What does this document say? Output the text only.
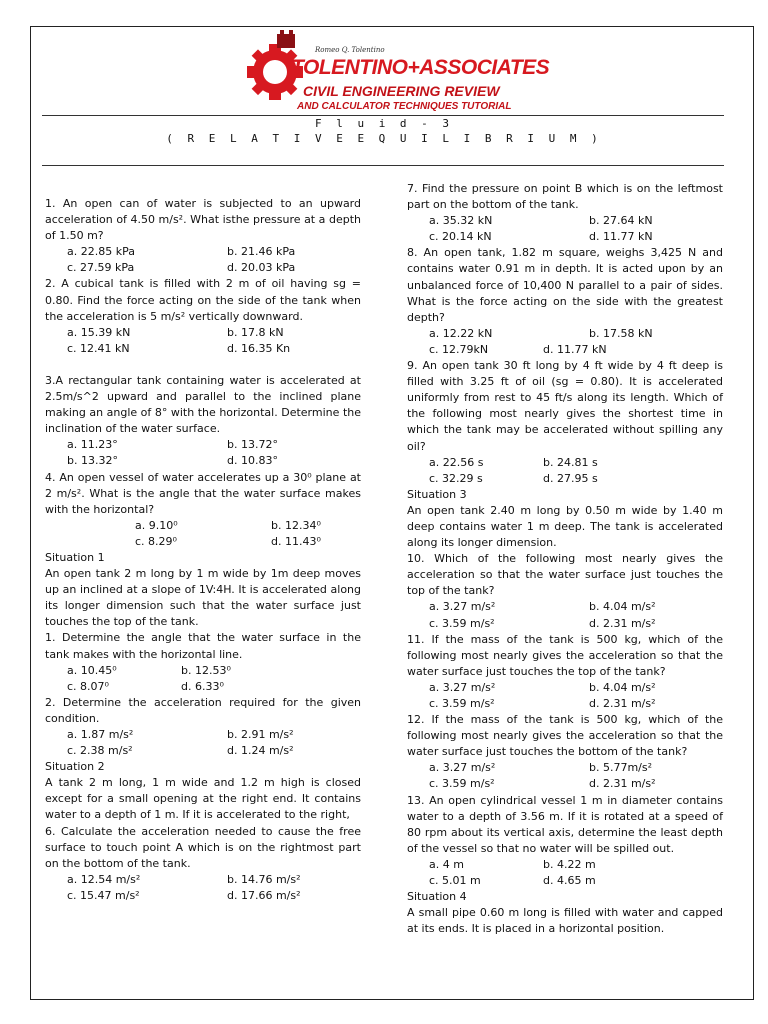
Romeo Q. Tolentino
TOLENTINO+ASSOCIATES
CIVIL ENGINEERING REVIEW
AND CALCULATOR TECHNIQUES TUTORIAL
F l u i d - 3
( R E L A T I V E E Q U I L I B R I U M )

1. An open can of water is subjected to an upward acceleration of 4.50 m/s². What isthe pressure at a depth of 1.50 m?

a. 22.85 kPa	b. 21.46 kPa
c. 27.59 kPa	d. 20.03 kPa

2. A cubical tank is filled with 2 m of oil having sg = 0.80. Find the force acting on the side of the tank when the acceleration is 5 m/s² vertically downward.

a. 15.39 kN	b. 17.8 kN
c. 12.41 kN	d. 16.35 Kn

3.A rectangular tank containing water is accelerated at 2.5m/s^2 upward and parallel to the inclined plane making an angle of 8° with the horizontal. Determine the inclination of the water surface.

a. 11.23°	b. 13.72°
b. 13.32°	d. 10.83°

4. An open vessel of water accelerates up a 30⁰ plane at 2 m/s². What is the angle that the water surface makes with the horizontal?

a. 9.10⁰	b. 12.34⁰
c. 8.29⁰	d. 11.43⁰

Situation 1

An open tank 2 m long by 1 m wide by 1m deep moves up an inclined at a slope of 1V:4H. It is accelerated along its longer dimension such that the water surface just touches the top of the tank.

1. Determine the angle that the water surface in the tank makes with the horizontal line.

a. 10.45⁰	b. 12.53⁰
c. 8.07⁰	d. 6.33⁰

2. Determine the acceleration required for the given condition.

a. 1.87 m/s²	b. 2.91 m/s²
c. 2.38 m/s²	d. 1.24 m/s²

Situation 2

A tank 2 m long, 1 m wide and 1.2 m high is closed except for a small opening at the right end. It contains water to a depth of 1 m. If it is accelerated to the right,

6. Calculate the acceleration needed to cause the free surface to touch point A which is on the rightmost part on the bottom of the tank.

a. 12.54 m/s²	b. 14.76 m/s²
c. 15.47 m/s²	d. 17.66 m/s²

7. Find the pressure on point B which is on the leftmost part on the bottom of the tank.

a. 35.32 kN	b. 27.64 kN
c. 20.14 kN	d. 11.77 kN

8. An open tank, 1.82 m square, weighs 3,425 N and contains water 0.91 m in depth. It is acted upon by an unbalanced force of 10,400 N parallel to a pair of sides. What is the force acting on the side with the greatest depth?

a. 12.22 kN	b. 17.58 kN
c. 12.79kN	d. 11.77 kN

9. An open tank 30 ft long by 4 ft wide by 4 ft deep is filled with 3.25 ft of oil (sg = 0.80). It is accelerated uniformly from rest to 45 ft/s along its length. Which of the following most nearly gives the shortest time in which the tank may be accelerated without spilling any oil?

a. 22.56 s	b. 24.81 s
c. 32.29 s	d. 27.95 s

Situation 3

An open tank 2.40 m long by 0.50 m wide by 1.40 m deep contains water 1 m deep. The tank is accelerated along its longer dimension.

10. Which of the following most nearly gives the acceleration so that the water surface just touches the top of the tank?

a. 3.27 m/s²	b. 4.04 m/s²
c. 3.59 m/s²	d. 2.31 m/s²

11. If the mass of the tank is 500 kg, which of the following most nearly gives the acceleration so that the water surface just touches the top of the tank?

a. 3.27 m/s²	b. 4.04 m/s²
c. 3.59 m/s²	d. 2.31 m/s²

12. If the mass of the tank is 500 kg, which of the following most nearly gives the acceleration so that the water surface just touches the bottom of the tank?

a. 3.27 m/s²	b. 5.77m/s²
c. 3.59 m/s²	d. 2.31 m/s²

13. An open cylindrical vessel 1 m in diameter contains water to a depth of 3.56 m. If it is rotated at a speed of 80 rpm about its vertical axis, determine the least depth of the vessel so that no water will be spilled out.

a. 4 m	b. 4.22 m
c. 5.01 m	d. 4.65 m

Situation 4

A small pipe 0.60 m long is filled with water and capped at its ends. It is placed in a horizontal position.
